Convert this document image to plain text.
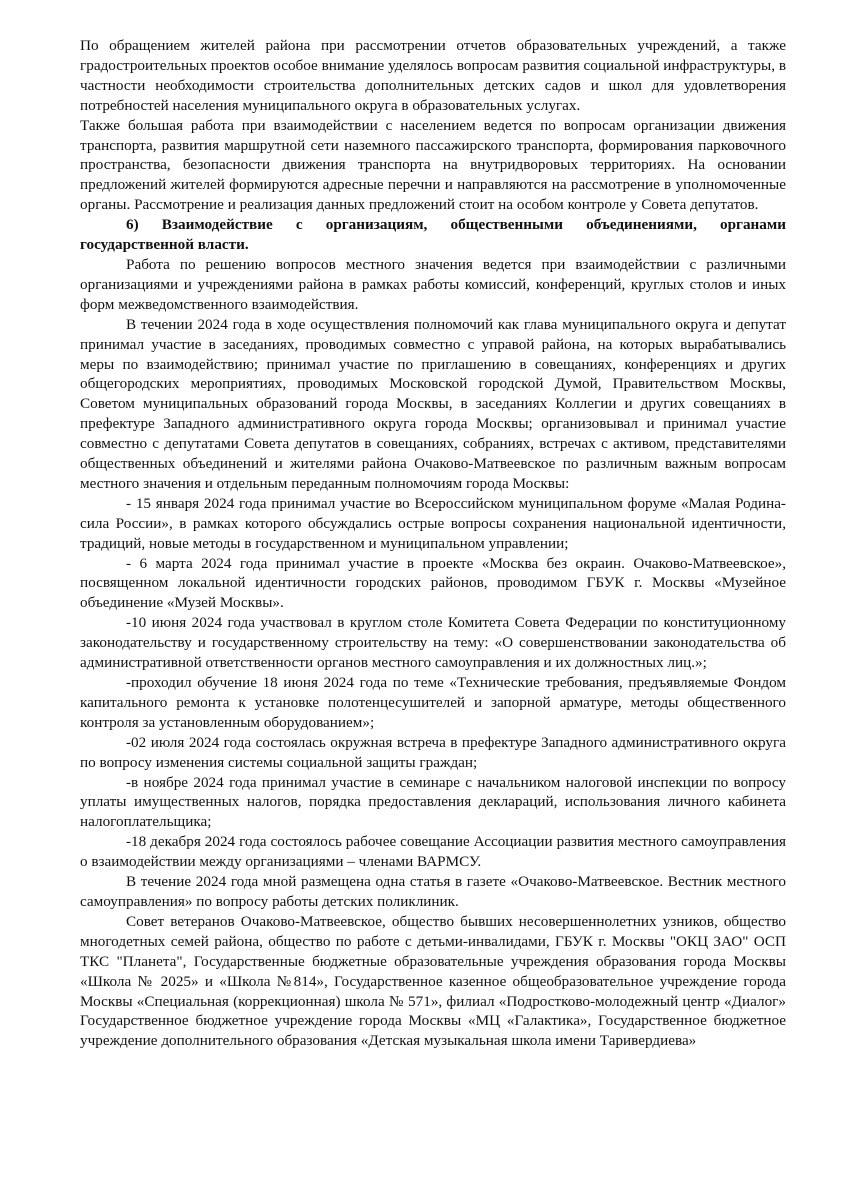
По обращением жителей района при рассмотрении отчетов образовательных учреждений, а также градостроительных проектов особое внимание уделялось вопросам развития социальной инфраструктуры, в частности необходимости строительства дополнительных детских садов и школ для удовлетворения потребностей населения муниципального округа в образовательных услугах.

Также большая работа при взаимодействии с населением ведется по вопросам организации движения транспорта, развития маршрутной сети наземного пассажирского транспорта, формирования парковочного пространства, безопасности движения транспорта на внутридворовых территориях. На основании предложений жителей формируются адресные перечни и направляются на рассмотрение в уполномоченные органы. Рассмотрение и реализация данных предложений стоит на особом контроле у Совета депутатов.

6) Взаимодействие с организациям, общественными объединениями, органами государственной власти.

Работа по решению вопросов местного значения ведется при взаимодействии с различными организациями и учреждениями района в рамках работы комиссий, конференций, круглых столов и иных форм межведомственного взаимодействия.

В течении 2024 года в ходе осуществления полномочий как глава муниципального округа и депутат принимал участие в заседаниях, проводимых совместно с управой района, на которых вырабатывались меры по взаимодействию; принимал участие по приглашению в совещаниях, конференциях и других общегородских мероприятиях, проводимых Московской городской Думой, Правительством Москвы, Советом муниципальных образований города Москвы, в заседаниях Коллегии и других совещаниях в префектуре Западного административного округа города Москвы; организовывал и принимал участие совместно с депутатами Совета депутатов в совещаниях, собраниях, встречах с активом, представителями общественных объединений и жителями района Очаково-Матвеевское по различным важным вопросам местного значения и отдельным переданным полномочиям города Москвы:

- 15 января 2024 года принимал участие во Всероссийском муниципальном форуме «Малая Родина-сила России», в рамках которого обсуждались острые вопросы сохранения национальной идентичности, традиций, новые методы в государственном и муниципальном управлении;

- 6 марта 2024 года принимал участие в проекте «Москва без окраин. Очаково-Матвеевское», посвященном локальной идентичности городских районов, проводимом ГБУК г. Москвы «Музейное объединение «Музей Москвы».

-10 июня 2024 года участвовал в круглом столе Комитета Совета Федерации по конституционному законодательству и государственному строительству на тему: «О совершенствовании законодательства об административной ответственности органов местного самоуправления и их должностных лиц.»;

-проходил обучение 18 июня 2024 года по теме «Технические требования, предъявляемые Фондом капитального ремонта к установке полотенцесушителей и запорной арматуре, методы общественного контроля за установленным оборудованием»;

-02 июля 2024 года состоялась окружная встреча в префектуре Западного административного округа по вопросу изменения системы социальной защиты граждан;

-в ноябре 2024 года принимал участие в семинаре с начальником налоговой инспекции по вопросу уплаты имущественных налогов, порядка предоставления деклараций, использования личного кабинета налогоплательщика;

-18 декабря 2024 года состоялось рабочее совещание Ассоциации развития местного самоуправления о взаимодействии между организациями – членами ВАРМСУ.

В течение 2024 года мной размещена одна статья в газете «Очаково-Матвеевское. Вестник местного самоуправления» по вопросу работы детских поликлиник.

Совет ветеранов Очаково-Матвеевское, общество бывших несовершеннолетних узников, общество многодетных семей района, общество по работе с детьми-инвалидами, ГБУК г. Москвы "ОКЦ ЗАО" ОСП ТКС "Планета", Государственные бюджетные образовательные учреждения образования города Москвы «Школа № 2025» и «Школа №814», Государственное казенное общеобразовательное учреждение города Москвы «Специальная (коррекционная) школа № 571», филиал «Подростково-молодежный центр «Диалог» Государственное бюджетное учреждение города Москвы «МЦ «Галактика», Государственное бюджетное учреждение дополнительного образования «Детская музыкальная школа имени Таривердиева»
